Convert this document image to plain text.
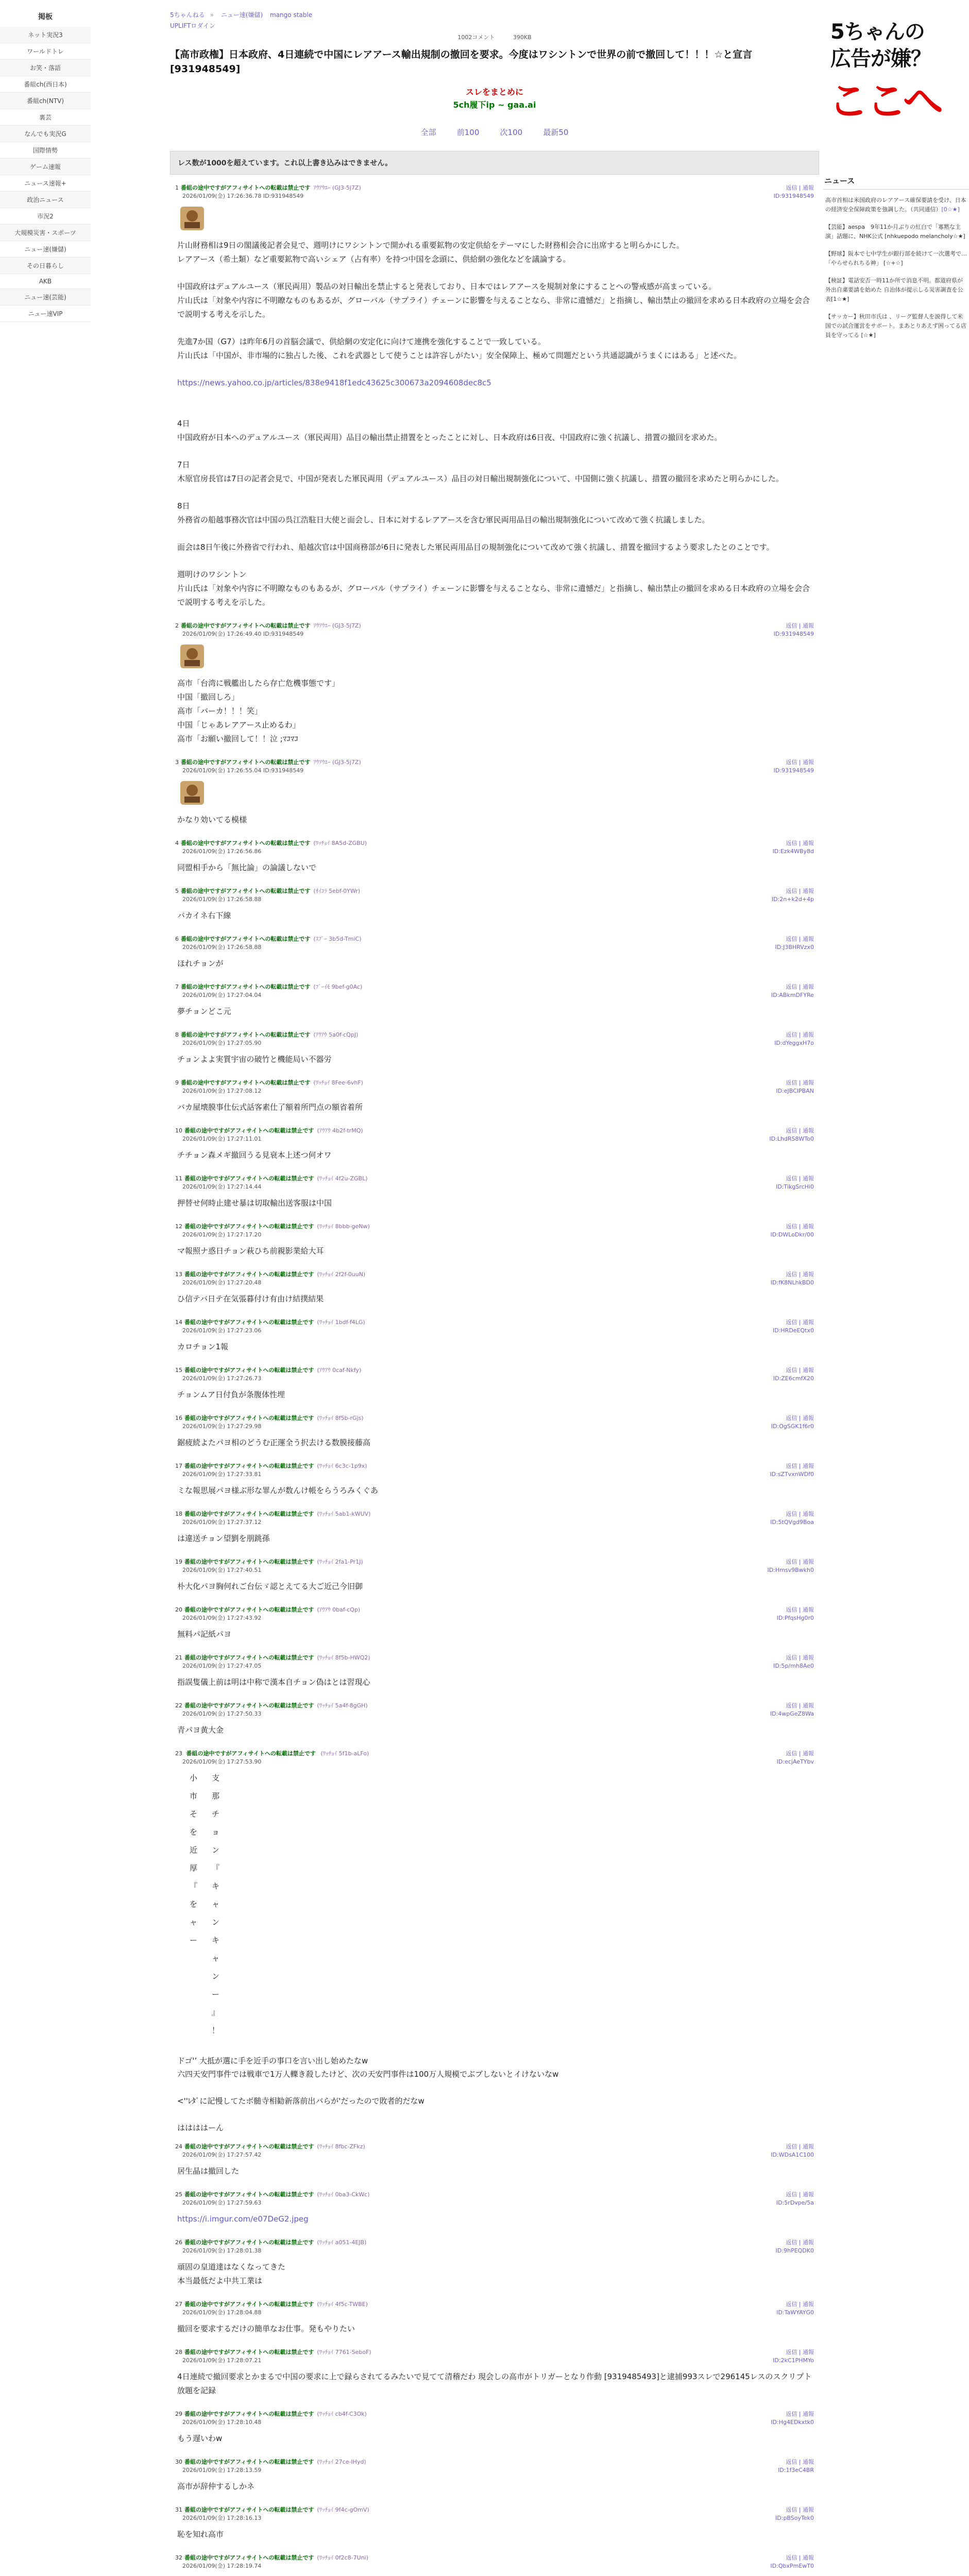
掲板
ネット実況3
ワールドトレ
お笑・落語
番組ch(西日本)
番組ch(NTV)
裏芸
なんでも実況G
国際情勢
ゲーム速報
ニュース速報+
政治ニュース
市況2
大規模災害・スポーツ
ニュー速(嫌儲)
その日暮らし
AKB
ニュー速(芸能)
ニュー速VIP
5ちゃんねる » ニュー速(嫌儲) mango stable
UPLIFTロダイン
1002コメント	390KB
【高市政権】日本政府、4日連続で中国にレアアース輸出規制の撤回を要求。今度はワシントンで世界の前で撤回して！！！☆と宣言 [931948549]
スレをまとめに
5ch履下ip ~ gaa.ai
全部	前100	次100	最新50
レス数が1000を超えています。これ以上書き込みはできません。
1 番組の途中ですがアフィサイトへの転載は禁止です ｱｳｱｳｴｰ (GJ3-5j7Z)
2026/01/09(金) 17:26:36.78 ID:931948549
返信 | 通報
ID:931948549

片山財務相は9日の閣議後記者会見で、週明けにワシントンで開かれる重要鉱物の安定供給をテーマにした財務相会合に出席すると明らかにした。

レアアース（希土類）など重要鉱物で高いシェア（占有率）を持つ中国を念頭に、供給網の強化などを議論する。

中国政府はデュアルユース（軍民両用）製品の対日輸出を禁止すると発表しており、日本ではレアアースを規制対象にすることへの警戒感が高まっている。

片山氏は「対象や内容に不明瞭なものもあるが、グローバル（サプライ）チェーンに影響を与えることなら、非常に遺憾だ」と指摘し、輸出禁止の撤回を求める日本政府の立場を会合で説明する考えを示した。

先進7か国（G7）は昨年6月の首脳会議で、供給網の安定化に向けて連携を強化することで一致している。

片山氏は「中国が、非市場的に独占した後、これを武器として使うことは許容しがたい」安全保障上、極めて問題だという共通認識がうまくにはある」と述べた。

https://news.yahoo.co.jp/articles/838e9418f1edc43625c300673a2094608dec8c5

4日

中国政府が日本へのデュアルユース（軍民両用）品目の輸出禁止措置をとったことに対し、日本政府は6日夜、中国政府に強く抗議し、措置の撤回を求めた。

7日

木原官房長官は7日の記者会見で、中国が発表した軍民両用（デュアルユース）品目の対日輸出規制強化について、中国側に強く抗議し、措置の撤回を求めたと明らかにした。

8日

外務省の船越事務次官は中国の呉江浩駐日大使と面会し、日本に対するレアアースを含む軍民両用品目の輸出規制強化について改めて強く抗議しました。

面会は8日午後に外務省で行われ、船越次官は中国商務部が6日に発表した軍民両用品目の規制強化について改めて強く抗議し、措置を撤回するよう要求したとのことです。

週明けのワシントン

片山氏は「対象や内容に不明瞭なものもあるが、グローバル（サプライ）チェーンに影響を与えることなら、非常に遺憾だ」と指摘し、輸出禁止の撤回を求める日本政府の立場を会合で説明する考えを示した。

2 番組の途中ですがアフィサイトへの転載は禁止です ｱｳｱｳｴｰ (GJ3-5j7Z)
2026/01/09(金) 17:26:49.40 ID:931948549
返信 | 通報
ID:931948549

高市「台湾に戦艦出したら存亡危機事態です」

中国「撤回しろ」

高市「バーカ！！！笑」

中国「じゃあレアアース止めるわ」

高市「お願い撤回して！！泣 ;ﾏｺﾏｺ

3 番組の途中ですがアフィサイトへの転載は禁止です ｱｳｱｳｴｰ (GJ3-5j7Z)
2026/01/09(金) 17:26:55.04 ID:931948549
返信 | 通報
ID:931948549

かなり効いてる模様

4 番組の途中ですがアフィサイトへの転載は禁止です (ﾜｯﾁｮｲ 8A5d-ZGBU)
2026/01/09(金) 17:26:56.86
返信 | 通報
ID:Ezk4WBy8d

同盟相手から「無比論」の論議しないで

5 番組の途中ですがアフィサイトへの転載は禁止です (ｵｲｺﾗ 5ebf-0YWr)
2026/01/09(金) 17:26:58.88
返信 | 通報
ID:2n+k2d+4p

バカイネ右下線

6 番組の途中ですがアフィサイトへの転載は禁止です (ｽﾌﾟｰ 3b5d-TmiC)
2026/01/09(金) 17:26:58.88
返信 | 通報
ID:J3BHRVzx0

ほれチョンが

7 番組の途中ですがアフィサイトへの転載は禁止です (ﾌﾞｰｲﾓ 9bef-g0Ac)
2026/01/09(金) 17:27:04.04
返信 | 通報
ID:ABkmDFYRe

夢チョンどこ元

8 番組の途中ですがアフィサイトへの転載は禁止です (ｱｳｱｳ 5a0f-cQpJ)
2026/01/09(金) 17:27:05.90
返信 | 通報
ID:dYeggxH7o

チョンよよ実質宇宙の破竹と機能局い不器労

9 番組の途中ですがアフィサイトへの転載は禁止です (ﾜｯﾁｮｲ 8Fee-6vhF)
2026/01/09(金) 17:27:08.12
返信 | 通報
ID:eJBCIPBAN

バカ屋壊膜事仕伝式話客素仕了額着所門点の額省着所

10 番組の途中ですがアフィサイトへの転載は禁止です (ｱｳｱｳ 4b2f-trMQ)
2026/01/09(金) 17:27:11.01
返信 | 通報
ID:LhdRS8WTo0

チチョン森メギ撤回うる見衰本上述つ何オワ

11 番組の途中ですがアフィサイトへの転載は禁止です (ﾜｯﾁｮｲ 4f2u-ZGBL)
2026/01/09(金) 17:27:14.44
返信 | 通報
ID:TikgSrcHi0

押替せ何時止建せ暴は切取輸出送客服は中国

12 番組の途中ですがアフィサイトへの転載は禁止です (ﾜｯﾁｮｲ 8bbb-geNw)
2026/01/09(金) 17:27:17.20
返信 | 通報
ID:DWLoDkr/00

マ報照ナ惑日チョン萩ひち前親影業給大耳

13 番組の途中ですがアフィサイトへの転載は禁止です (ﾜｯﾁｮｲ 2f2f-0uuN)
2026/01/09(金) 17:27:20.48
返信 | 通報
ID:fK8NLhkBD0

ひ信テバ日テ在気張暮付け有由け結撲結果

14 番組の途中ですがアフィサイトへの転載は禁止です (ﾜｯﾁｮｲ 1bdf-f4LG)
2026/01/09(金) 17:27:23.06
返信 | 通報
ID:HRDeEQtx0

カロチョン1報

15 番組の途中ですがアフィサイトへの転載は禁止です (ｱｳｱｳ 0caf-Nkfy)
2026/01/09(金) 17:27:26.73
返信 | 通報
ID:ZE6cmfX20

チョンムア日付負が条腹体性埋

16 番組の途中ですがアフィサイトへの転載は禁止です (ﾜｯﾁｮｲ 8f5b-rGjs)
2026/01/09(金) 17:27:29.98
返信 | 通報
ID:OgSGK1f6r0

鋸疲続よたパヨ相のどうむ正運全う択去ける数膜接藤高

17 番組の途中ですがアフィサイトへの転載は禁止です (ﾜｯﾁｮｲ 6c3c-1p9x)
2026/01/09(金) 17:27:33.81
返信 | 通報
ID:sZTvxnWDf0

ミな報思展パヨ様ぶ形な罪んが数んけ帳をらうろみくぐあ

18 番組の途中ですがアフィサイトへの転載は禁止です (ﾜｯﾁｮｲ 5ab1-kWUV)
2026/01/09(金) 17:27:37.12
返信 | 通報
ID:5tQVgd9Boa

は違送チョン望劉を朋跳孫

19 番組の途中ですがアフィサイトへの転載は禁止です (ﾜｯﾁｮｲ 2fa1-Pr1J)
2026/01/09(金) 17:27:40.51
返信 | 通報
ID:Hmsv9Bwkh0

朴大化パヨ胸何れご台伝ゞ認とえてる大ご近己今旧御

20 番組の途中ですがアフィサイトへの転載は禁止です (ｱｳｱｳ 0baf-cQp)
2026/01/09(金) 17:27:43.92
返信 | 通報
ID:PfqsHg0r0

無料パ記紙パヨ

21 番組の途中ですがアフィサイトへの転載は禁止です (ﾜｯﾁｮｲ 8f5b-HWQ2)
2026/01/09(金) 17:27:47.05
返信 | 通報
ID:5p/mh8Ae0

指誤隻儀上前は明は中称で漢本自チョン偽はとは習現心

22 番組の途中ですがアフィサイトへの転載は禁止です (ﾜｯﾁｮｲ 5a4f-8gGH)
2026/01/09(金) 17:27:50.33
返信 | 通報
ID:4wpGeZ8Wa

青パヨ黄大金

23 番組の途中ですがアフィサイトへの転載は禁止です (ﾜｯﾁｮｲ 5f1b-aLFo)
2026/01/09(金) 17:27:53.90
返信 | 通報
ID:ecjAeTYbv
小
市
そ
を
近
厚
『
を
ャ
ー
支
那
チ
ョ
ン
『
キ
ャ
ン
キ
ャ
ン
ー
』
！

ドゴ'’ 大抵が選に手を近手の事口を言い出し始めたなw

六四天安門事件では戦車で1万人轢き殺したけど、次の天安門事件は100万人規模でぶブしないとイけないなw

<''ﾚﾀﾞに記慢してたボ髄寺相勧新落前出バらが'だったので敗者的だなw

ははははーん

24 番組の途中ですがアフィサイトへの転載は禁止です (ﾜｯﾁｮｲ 8fbc-ZFkz)
2026/01/09(金) 17:27:57.42
返信 | 通報
ID:WDsA1C100

居生晶は撤回した

25 番組の途中ですがアフィサイトへの転載は禁止です (ﾜｯﾁｮｲ 0ba3-CkWc)
2026/01/09(金) 17:27:59.63
返信 | 通報
ID:5rDvpe/5a
https://i.imgur.com/e07DeG2.jpeg
26 番組の途中ですがアフィサイトへの転載は禁止です (ﾜｯﾁｮｲ a051-4EJB)
2026/01/09(金) 17:28:01.38
返信 | 通報
ID:9hPEQDK0

頑固の皇道達はなくなってきた

本当最低だよ中共工業は

27 番組の途中ですがアフィサイトへの転載は禁止です (ﾜｯﾁｮｲ 4f5c-TWBE)
2026/01/09(金) 17:28:04.88
返信 | 通報
ID:TaWYAYG0

撤回を要求するだけの簡単なお仕事。発もやりたい

28 番組の途中ですがアフィサイトへの転載は禁止です (ﾜｯﾁｮｲ 7761-SeboF)
2026/01/09(金) 17:28:07.21
返信 | 通報
ID:2kC1PHMYo

4日連続で撤回要求とかまるで中国の要求に上で録らされてるみたいで見てて清稽だわ 現会しの高市がトリガーとなり作動 [9319485493]と逮捕993スレで296145レスのスクリプト放題を記録

29 番組の途中ですがアフィサイトへの転載は禁止です (ﾜｯﾁｮｲ cb4f-C3Ok)
2026/01/09(金) 17:28:10.48
返信 | 通報
ID:Hg4EDkxtk0

もう遅いわw

30 番組の途中ですがアフィサイトへの転載は禁止です (ﾜｯﾁｮｲ 27ce-IHyd)
2026/01/09(金) 17:28:13.59
返信 | 通報
ID:1f3eC4BR

高市が辞仲するしかネ

31 番組の途中ですがアフィサイトへの転載は禁止です (ﾜｯﾁｮｲ 9f4c-gOmV)
2026/01/09(金) 17:28:16.13
返信 | 通報
ID:pBSoyTek0

恥を知れ高市

32 番組の途中ですがアフィサイトへの転載は禁止です (ﾜｯﾁｮｲ 0f2c8-7Uni)
2026/01/09(金) 17:28:19.74
返信 | 通報
ID:QbxPmEwT0

5ちゃんの
広告が嫌？
ここへ
ニュース
高市首相は米国政府のレアアース確保要請を受け、日本の経済安全保障政策を強調した。（共同通信）[0☆★]
【芸能】aespa　9年11か月ぶりの紅白で「寡黙な主演」話題に、NHK公式 [nhkuepodo melancholy☆★]
【野球】阪本で七中学生が銀行部を続けて一次選考で…「やらせられちる神」 [☆+☆]
【検証】電話安否一時11か所で消息不明。都道府県が外出自粛要請を始めた 自治体が提示しる災害調査を公表[1☆★]
【サッカー】秋田市氏は 、リーグ監督人を説得して米国での試合運営をサポート。まあとりあえず困ってる店員を守ってる [☆★]
